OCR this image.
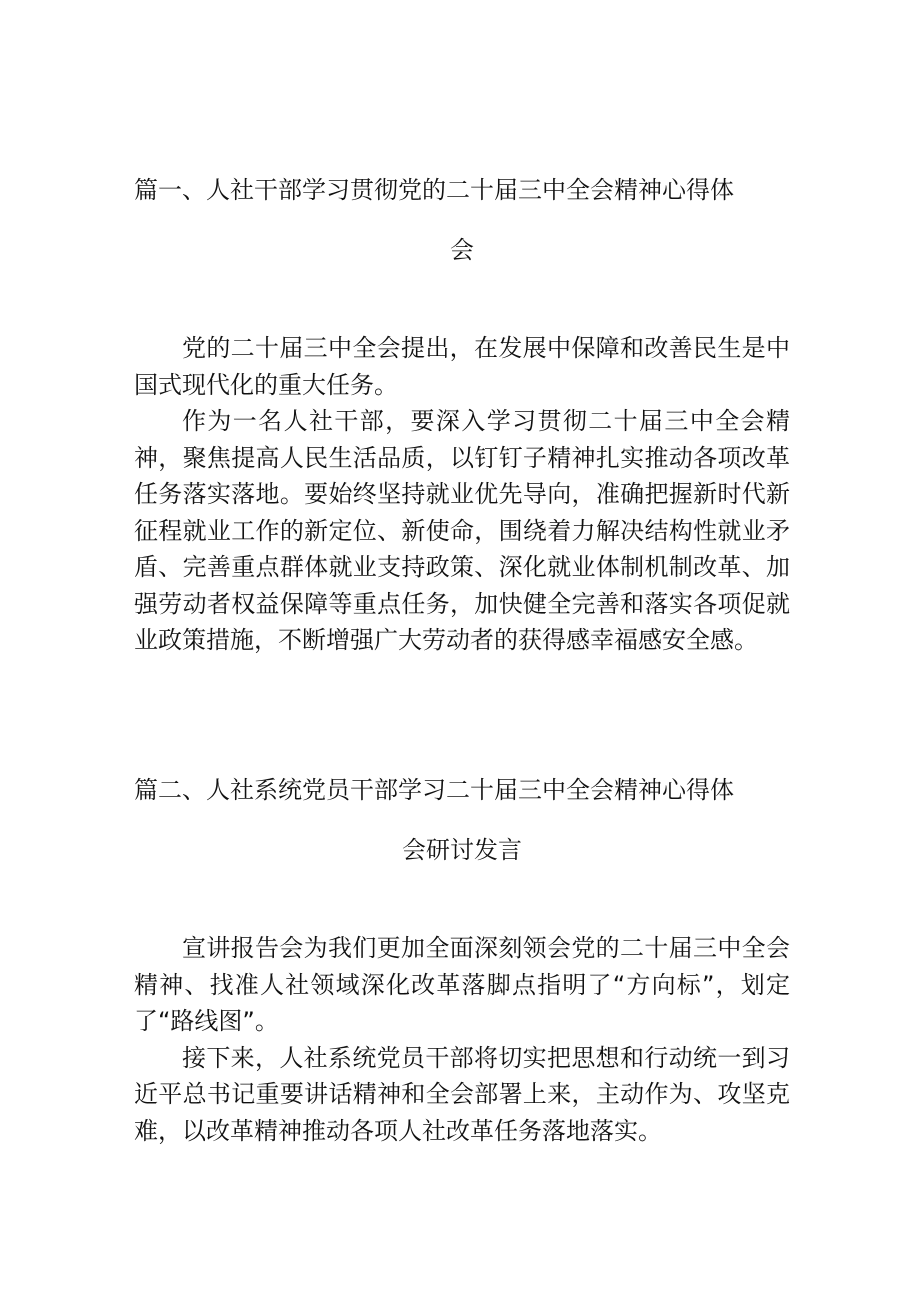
篇一、人社干部学习贯彻党的二十届三中全会精神心得体
会

党的二十届三中全会提出，在发展中保障和改善民生是中国式现代化的重大任务。

作为一名人社干部，要深入学习贯彻二十届三中全会精神，聚焦提高人民生活品质，以钉钉子精神扎实推动各项改革任务落实落地。要始终坚持就业优先导向，准确把握新时代新征程就业工作的新定位、新使命，围绕着力解决结构性就业矛盾、完善重点群体就业支持政策、深化就业体制机制改革、加强劳动者权益保障等重点任务，加快健全完善和落实各项促就业政策措施，不断增强广大劳动者的获得感幸福感安全感。

篇二、人社系统党员干部学习二十届三中全会精神心得体
会研讨发言

宣讲报告会为我们更加全面深刻领会党的二十届三中全会精神、找准人社领域深化改革落脚点指明了“方向标”，划定了“路线图”。

接下来，人社系统党员干部将切实把思想和行动统一到习近平总书记重要讲话精神和全会部署上来，主动作为、攻坚克难，以改革精神推动各项人社改革任务落地落实。
